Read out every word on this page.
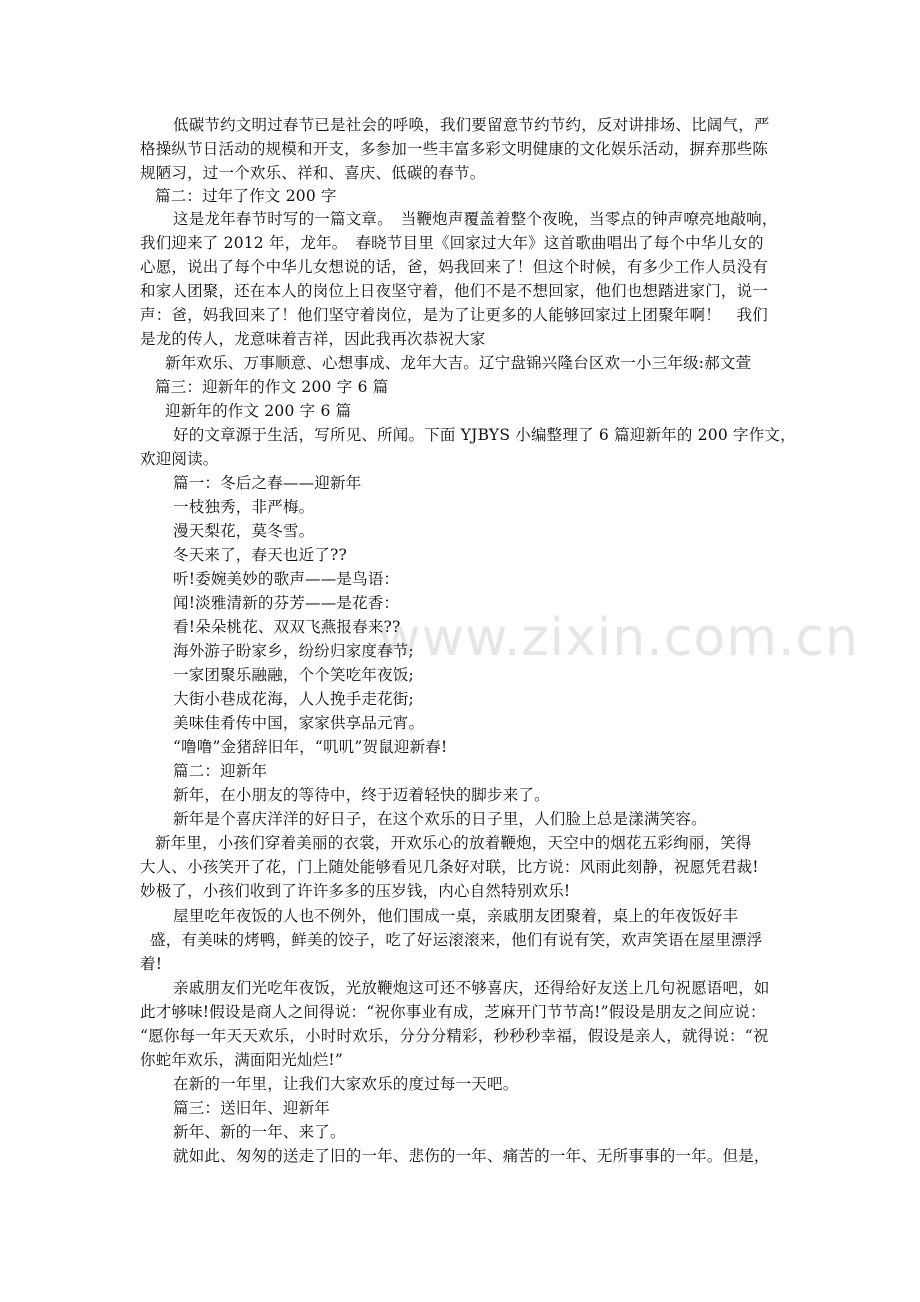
www.zixin.com.cn
低碳节约文明过春节已是社会的呼唤，我们要留意节约节约，反对讲排场、比阔气，严
格操纵节日活动的规模和开支，多参加一些丰富多彩文明健康的文化娱乐活动，摒弃那些陈
规陋习，过一个欢乐、祥和、喜庆、低碳的春节。
篇二：过年了作文 200 字
这是龙年春节时写的一篇文章。　当鞭炮声覆盖着整个夜晚，当零点的钟声嘹亮地敲响，
我们迎来了 2012 年，龙年。　春晓节目里《回家过大年》这首歌曲唱出了每个中华儿女的
心愿，说出了每个中华儿女想说的话，爸，妈我回来了！但这个时候，有多少工作人员没有
和家人团聚，还在本人的岗位上日夜坚守着，他们不是不想回家，他们也想踏进家门，说一
声：爸，妈我回来了！他们坚守着岗位，是为了让更多的人能够回家过上团聚年啊！　我们
是龙的传人，龙意味着吉祥，因此我再次恭祝大家
新年欢乐、万事顺意、心想事成、龙年大吉。辽宁盘锦兴隆台区欢一小三年级:郝文萱
篇三：迎新年的作文 200 字 6 篇
迎新年的作文 200 字 6 篇
好的文章源于生活，写所见、所闻。下面 YJBYS 小编整理了 6 篇迎新年的 200 字作文，
欢迎阅读。
篇一：冬后之春——迎新年
一枝独秀，非严梅。
漫天梨花，莫冬雪。
冬天来了，春天也近了??
听!委婉美妙的歌声——是鸟语：
闻!淡雅清新的芬芳——是花香：
看!朵朵桃花、双双飞燕报春来??
海外游子盼家乡，纷纷归家度春节;
一家团聚乐融融，个个笑吃年夜饭;
大街小巷成花海，人人挽手走花街;
美味佳肴传中国，家家供享品元宵。
“噜噜”金猪辞旧年，“叽叽”贺鼠迎新春!
篇二：迎新年
新年，在小朋友的等待中，终于迈着轻快的脚步来了。
新年是个喜庆洋洋的好日子，在这个欢乐的日子里，人们脸上总是漾满笑容。
新年里，小孩们穿着美丽的衣裳，开欢乐心的放着鞭炮，天空中的烟花五彩绚丽，笑得
大人、小孩笑开了花，门上随处能够看见几条好对联，比方说：风雨此刻静，祝愿凭君裁!
妙极了，小孩们收到了许许多多的压岁钱，内心自然特别欢乐!
屋里吃年夜饭的人也不例外，他们围成一桌，亲戚朋友团聚着，桌上的年夜饭好丰
盛，有美味的烤鸭，鲜美的饺子，吃了好运滚滚来，他们有说有笑，欢声笑语在屋里漂浮
着!
亲戚朋友们光吃年夜饭，光放鞭炮这可还不够喜庆，还得给好友送上几句祝愿语吧，如
此才够味!假设是商人之间得说：“祝你事业有成，芝麻开门节节高!”假设是朋友之间应说：
“愿你每一年天天欢乐，小时时欢乐，分分分精彩，秒秒秒幸福，假设是亲人，就得说：“祝
你蛇年欢乐，满面阳光灿烂!”
在新的一年里，让我们大家欢乐的度过每一天吧。
篇三：送旧年、迎新年
新年、新的一年、来了。
就如此、匆匆的送走了旧的一年、悲伤的一年、痛苦的一年、无所事事的一年。但是，
